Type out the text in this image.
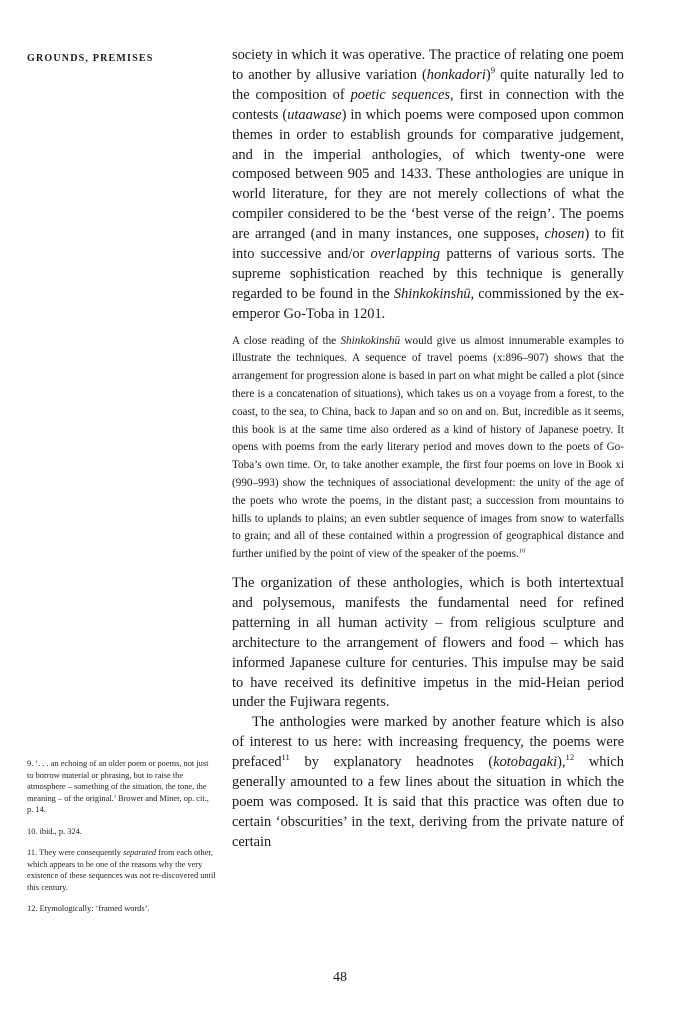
GROUNDS, PREMISES	society in which it was operative. The practice of relating one poem to another by allusive variation (honkadori)$^9$ quite naturally led to the composition of poetic sequences, first in connection with the contests (utaawase) in which poems were composed upon common themes in order to establish grounds for comparative judgement, and in the imperial anthologies, of which twenty-one were composed between 905 and 1433. These anthologies are unique in world literature, for they are not merely collections of what the compiler considered to be the ‘best verse of the reign’. The poems are arranged (and in many instances, one supposes, chosen) to fit into successive and/or overlapping patterns of various sorts. The supreme sophistication reached by this technique is generally regarded to be found in the Shinkokinshū, commissioned by the ex-emperor Go-Toba in 1201.

A close reading of the Shinkokinshū would give us almost innumerable examples to illustrate the techniques. A sequence of travel poems (x:896–907) shows that the arrangement for progression alone is based in part on what might be called a plot (since there is a concatenation of situations), which takes us on a voyage from a forest, to the coast, to the sea, to China, back to Japan and so on and on. But, incredible as it seems, this book is at the same time also ordered as a kind of history of Japanese poetry. It opens with poems from the early literary period and moves down to the poets of Go-Toba’s own time. Or, to take another example, the first four poems on love in Book xi (990–993) show the techniques of associational development: the unity of the age of the poets who wrote the poems, in the distant past; a succession from mountains to hills to uplands to plains; an even subtler sequence of images from snow to waterfalls to grain; and all of these contained within a progression of geographical distance and further unified by the point of view of the speaker of the poems.$^{10}$

The organization of these anthologies, which is both intertextual and polysemous, manifests the fundamental need for refined patterning in all human activity – from religious sculpture and architecture to the arrangement of flowers and food – which has informed Japanese culture for centuries. This impulse may be said to have received its definitive impetus in the mid-Heian period under the Fujiwara regents.

The anthologies were marked by another feature which is also of interest to us here: with increasing frequency, the poems were prefaced$^{11}$ by explanatory headnotes (kotobagaki),$^{12}$ which generally amounted to a few lines about the situation in which the poem was composed. It is said that this practice was often due to certain ‘obscurities’ in the text, deriving from the private nature of certain

9. ‘. . . an echoing of an older poem or poems, not just to borrow material or phrasing, but to raise the atmosphere – something of the situation, the tone, the meaning – of the original.’ Brower and Miner, op. cit., p. 14.
10. ibid., p. 324.
11. They were consequently separated from each other, which appears to be one of the reasons why the very existence of these sequences was not re-discovered until this century.
12. Etymologically: ‘framed words’.
48
